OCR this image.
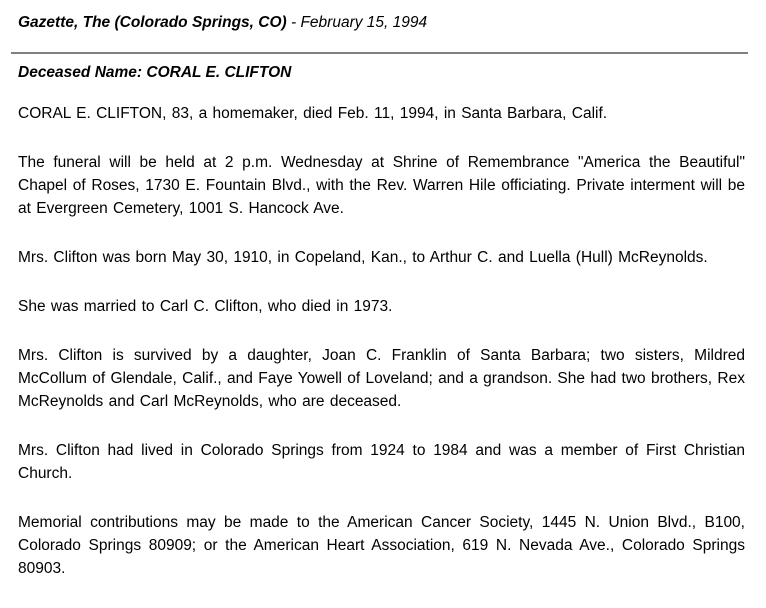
Gazette, The (Colorado Springs, CO) - February 15, 1994
Deceased Name: CORAL E. CLIFTON

CORAL E. CLIFTON, 83, a homemaker, died Feb. 11, 1994, in Santa Barbara, Calif.

The funeral will be held at 2 p.m. Wednesday at Shrine of Remembrance "America the Beautiful" Chapel of Roses, 1730 E. Fountain Blvd., with the Rev. Warren Hile officiating. Private interment will be at Evergreen Cemetery, 1001 S. Hancock Ave.

Mrs. Clifton was born May 30, 1910, in Copeland, Kan., to Arthur C. and Luella (Hull) McReynolds.

She was married to Carl C. Clifton, who died in 1973.

Mrs. Clifton is survived by a daughter, Joan C. Franklin of Santa Barbara; two sisters, Mildred McCollum of Glendale, Calif., and Faye Yowell of Loveland; and a grandson. She had two brothers, Rex McReynolds and Carl McReynolds, who are deceased.

Mrs. Clifton had lived in Colorado Springs from 1924 to 1984 and was a member of First Christian Church.

Memorial contributions may be made to the American Cancer Society, 1445 N. Union Blvd., B100, Colorado Springs 80909; or the American Heart Association, 619 N. Nevada Ave., Colorado Springs 80903.
